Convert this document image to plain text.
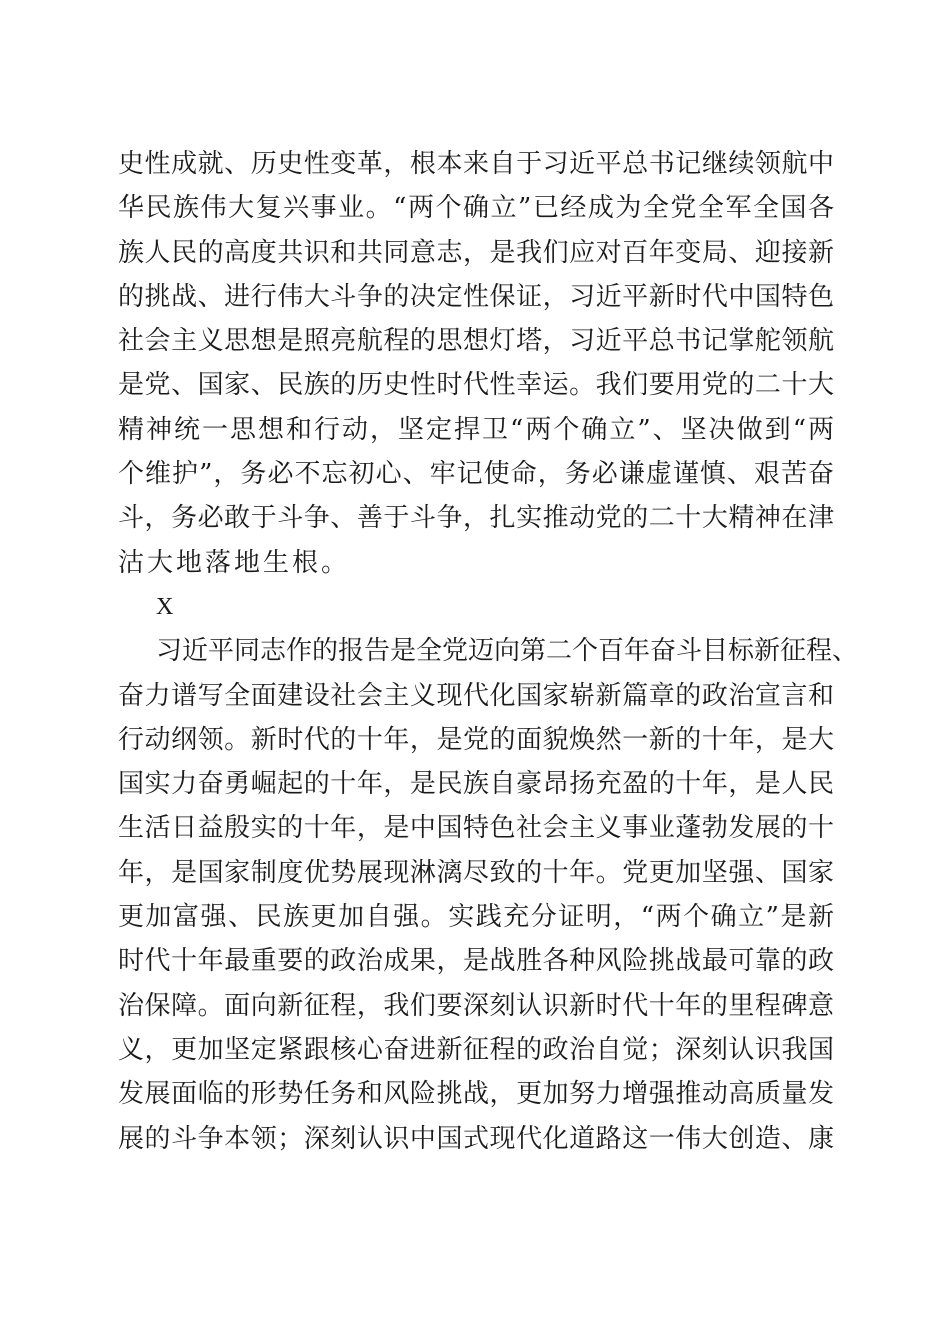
史性成就、历史性变革，根本来自于习近平总书记继续领航中
华民族伟大复兴事业。“两个确立”已经成为全党全军全国各
族人民的高度共识和共同意志，是我们应对百年变局、迎接新
的挑战、进行伟大斗争的决定性保证，习近平新时代中国特色
社会主义思想是照亮航程的思想灯塔，习近平总书记掌舵领航
是党、国家、民族的历史性时代性幸运。我们要用党的二十大
精神统一思想和行动，坚定捍卫“两个确立”、坚决做到“两
个维护”，务必不忘初心、牢记使命，务必谦虚谨慎、艰苦奋
斗，务必敢于斗争、善于斗争，扎实推动党的二十大精神在津
沽大地落地生根。
X
习近平同志作的报告是全党迈向第二个百年奋斗目标新征程、
奋力谱写全面建设社会主义现代化国家崭新篇章的政治宣言和
行动纲领。新时代的十年，是党的面貌焕然一新的十年，是大
国实力奋勇崛起的十年，是民族自豪昂扬充盈的十年，是人民
生活日益殷实的十年，是中国特色社会主义事业蓬勃发展的十
年，是国家制度优势展现淋漓尽致的十年。党更加坚强、国家
更加富强、民族更加自强。实践充分证明，“两个确立”是新
时代十年最重要的政治成果，是战胜各种风险挑战最可靠的政
治保障。面向新征程，我们要深刻认识新时代十年的里程碑意
义，更加坚定紧跟核心奋进新征程的政治自觉；深刻认识我国
发展面临的形势任务和风险挑战，更加努力增强推动高质量发
展的斗争本领；深刻认识中国式现代化道路这一伟大创造、康
